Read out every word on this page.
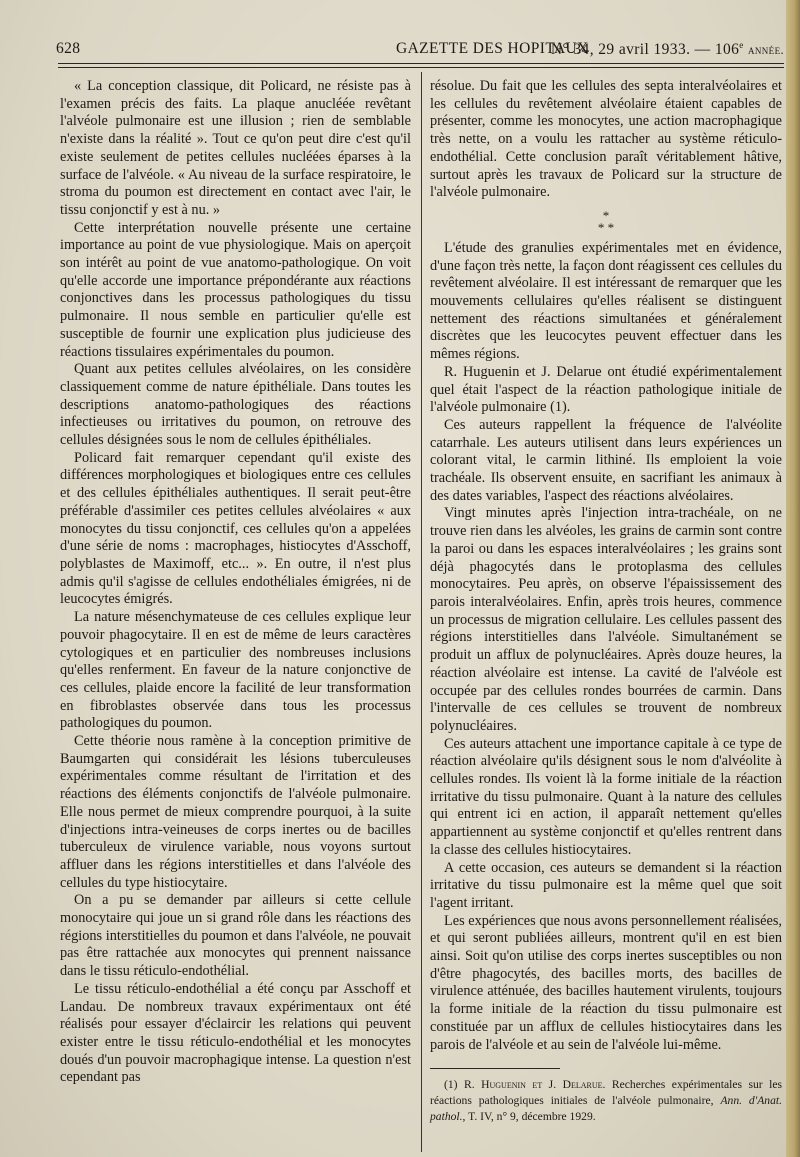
628	GAZETTE DES HOPITAUX
N° 34, 29 avril 1933. — 106e année.

« La conception classique, dit Policard, ne résiste pas à l'examen précis des faits. La plaque anucléée revêtant l'alvéole pulmonaire est une illusion ; rien de semblable n'existe dans la réalité ». Tout ce qu'on peut dire c'est qu'il existe seulement de petites cellules nucléées éparses à la surface de l'alvéole. « Au niveau de la surface respiratoire, le stroma du poumon est directement en contact avec l'air, le tissu conjonctif y est à nu. »

Cette interprétation nouvelle présente une certaine importance au point de vue physiologique. Mais on aperçoit son intérêt au point de vue anatomo-pathologique. On voit qu'elle accorde une importance prépondérante aux réactions conjonctives dans les processus pathologiques du tissu pulmonaire. Il nous semble en particulier qu'elle est susceptible de fournir une explication plus judicieuse des réactions tissulaires expérimentales du poumon.

Quant aux petites cellules alvéolaires, on les considère classiquement comme de nature épithéliale. Dans toutes les descriptions anatomo-pathologiques des réactions infectieuses ou irritatives du poumon, on retrouve des cellules désignées sous le nom de cellules épithéliales.

Policard fait remarquer cependant qu'il existe des différences morphologiques et biologiques entre ces cellules et des cellules épithéliales authentiques. Il serait peut-être préférable d'assimiler ces petites cellules alvéolaires « aux monocytes du tissu conjonctif, ces cellules qu'on a appelées d'une série de noms : macrophages, histiocytes d'Asschoff, polyblastes de Maximoff, etc... ». En outre, il n'est plus admis qu'il s'agisse de cellules endothéliales émigrées, ni de leucocytes émigrés.

La nature mésenchymateuse de ces cellules explique leur pouvoir phagocytaire. Il en est de même de leurs caractères cytologiques et en particulier des nombreuses inclusions qu'elles renferment. En faveur de la nature conjonctive de ces cellules, plaide encore la facilité de leur transformation en fibroblastes observée dans tous les processus pathologiques du poumon.

Cette théorie nous ramène à la conception primitive de Baumgarten qui considérait les lésions tuberculeuses expérimentales comme résultant de l'irritation et des réactions des éléments conjonctifs de l'alvéole pulmonaire. Elle nous permet de mieux comprendre pourquoi, à la suite d'injections intra-veineuses de corps inertes ou de bacilles tuberculeux de virulence variable, nous voyons surtout affluer dans les régions interstitielles et dans l'alvéole des cellules du type histiocytaire.

On a pu se demander par ailleurs si cette cellule monocytaire qui joue un si grand rôle dans les réactions des régions interstitielles du poumon et dans l'alvéole, ne pouvait pas être rattachée aux monocytes qui prennent naissance dans le tissu réticulo-endothélial.

Le tissu réticulo-endothélial a été conçu par Asschoff et Landau. De nombreux travaux expérimentaux ont été réalisés pour essayer d'éclaircir les relations qui peuvent exister entre le tissu réticulo-endothélial et les monocytes doués d'un pouvoir macrophagique intense. La question n'est cependant pas

résolue. Du fait que les cellules des septa interalvéolaires et les cellules du revêtement alvéolaire étaient capables de présenter, comme les monocytes, une action macrophagique très nette, on a voulu les rattacher au système réticulo-endothélial. Cette conclusion paraît véritablement hâtive, surtout après les travaux de Policard sur la structure de l'alvéole pulmonaire.

*
* *

L'étude des granulies expérimentales met en évidence, d'une façon très nette, la façon dont réagissent ces cellules du revêtement alvéolaire. Il est intéressant de remarquer que les mouvements cellulaires qu'elles réalisent se distinguent nettement des réactions simultanées et généralement discrètes que les leucocytes peuvent effectuer dans les mêmes régions.

R. Huguenin et J. Delarue ont étudié expérimentalement quel était l'aspect de la réaction pathologique initiale de l'alvéole pulmonaire (1).

Ces auteurs rappellent la fréquence de l'alvéolite catarrhale. Les auteurs utilisent dans leurs expériences un colorant vital, le carmin lithiné. Ils emploient la voie trachéale. Ils observent ensuite, en sacrifiant les animaux à des dates variables, l'aspect des réactions alvéolaires.

Vingt minutes après l'injection intra-trachéale, on ne trouve rien dans les alvéoles, les grains de carmin sont contre la paroi ou dans les espaces interalvéolaires ; les grains sont déjà phagocytés dans le protoplasma des cellules monocytaires. Peu après, on observe l'épaississement des parois interalvéolaires. Enfin, après trois heures, commence un processus de migration cellulaire. Les cellules passent des régions interstitielles dans l'alvéole. Simultanément se produit un afflux de polynucléaires. Après douze heures, la réaction alvéolaire est intense. La cavité de l'alvéole est occupée par des cellules rondes bourrées de carmin. Dans l'intervalle de ces cellules se trouvent de nombreux polynucléaires.

Ces auteurs attachent une importance capitale à ce type de réaction alvéolaire qu'ils désignent sous le nom d'alvéolite à cellules rondes. Ils voient là la forme initiale de la réaction irritative du tissu pulmonaire. Quant à la nature des cellules qui entrent ici en action, il apparaît nettement qu'elles appartiennent au système conjonctif et qu'elles rentrent dans la classe des cellules histiocytaires.

A cette occasion, ces auteurs se demandent si la réaction irritative du tissu pulmonaire est la même quel que soit l'agent irritant.

Les expériences que nous avons personnellement réalisées, et qui seront publiées ailleurs, montrent qu'il en est bien ainsi. Soit qu'on utilise des corps inertes susceptibles ou non d'être phagocytés, des bacilles morts, des bacilles de virulence atténuée, des bacilles hautement virulents, toujours la forme initiale de la réaction du tissu pulmonaire est constituée par un afflux de cellules histiocytaires dans les parois de l'alvéole et au sein de l'alvéole lui-même.

(1) R. Huguenin et J. Delarue. Recherches expérimentales sur les réactions pathologiques initiales de l'alvéole pulmonaire, Ann. d'Anat. pathol., T. IV, n° 9, décembre 1929.
